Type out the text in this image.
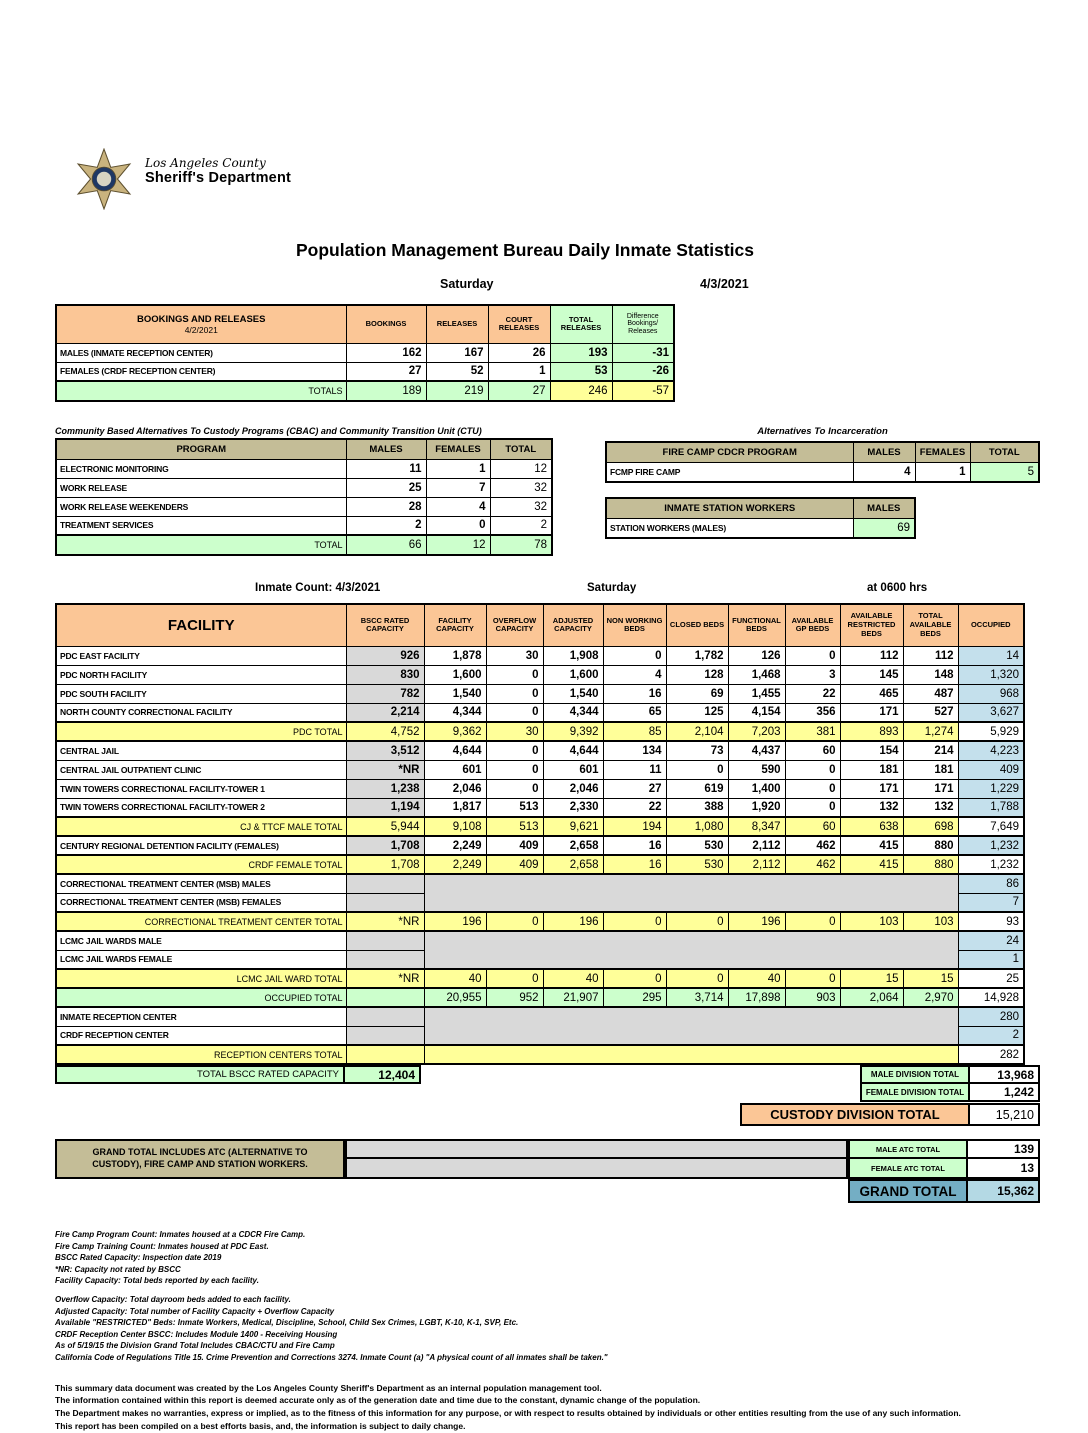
Los Angeles County
Sheriff's Department
Population Management Bureau Daily Inmate Statistics
Saturday	4/3/2021
BOOKINGS AND RELEASES
4/2/2021	BOOKINGS	RELEASES	COURT RELEASES	TOTAL RELEASES	Difference Bookings/ Releases
MALES (INMATE RECEPTION CENTER)	162	167	26	193	-31
FEMALES (CRDF RECEPTION CENTER)	27	52	1	53	-26
TOTALS	189	219	27	246	-57
Community Based Alternatives To Custody Programs (CBAC) and Community Transition Unit (CTU)
PROGRAM	MALES	FEMALES	TOTAL
ELECTRONIC MONITORING	11	1	12
WORK RELEASE	25	7	32
WORK RELEASE WEEKENDERS	28	4	32
TREATMENT SERVICES	2	0	2
TOTAL	66	12	78
Alternatives To Incarceration
FIRE CAMP CDCR PROGRAM	MALES	FEMALES	TOTAL
FCMP FIRE CAMP	4	1	5
INMATE STATION WORKERS	MALES
STATION WORKERS (MALES)	69
Inmate Count: 4/3/2021	Saturday	at 0600 hrs
FACILITY	BSCC RATED CAPACITY	FACILITY CAPACITY	OVERFLOW CAPACITY	ADJUSTED CAPACITY	NON WORKING BEDS	CLOSED BEDS	FUNCTIONAL BEDS	AVAILABLE GP BEDS	AVAILABLE RESTRICTED BEDS	TOTAL AVAILABLE BEDS	OCCUPIED
PDC EAST FACILITY	926	1,878	30	1,908	0	1,782	126	0	112	112	14
PDC NORTH FACILITY	830	1,600	0	1,600	4	128	1,468	3	145	148	1,320
PDC SOUTH FACILITY	782	1,540	0	1,540	16	69	1,455	22	465	487	968
NORTH COUNTY CORRECTIONAL FACILITY	2,214	4,344	0	4,344	65	125	4,154	356	171	527	3,627
PDC TOTAL	4,752	9,362	30	9,392	85	2,104	7,203	381	893	1,274	5,929
CENTRAL JAIL	3,512	4,644	0	4,644	134	73	4,437	60	154	214	4,223
CENTRAL JAIL OUTPATIENT CLINIC	*NR	601	0	601	11	0	590	0	181	181	409
TWIN TOWERS CORRECTIONAL FACILITY-TOWER 1	1,238	2,046	0	2,046	27	619	1,400	0	171	171	1,229
TWIN TOWERS CORRECTIONAL FACILITY-TOWER 2	1,194	1,817	513	2,330	22	388	1,920	0	132	132	1,788
CJ & TTCF MALE TOTAL	5,944	9,108	513	9,621	194	1,080	8,347	60	638	698	7,649
CENTURY REGIONAL DETENTION FACILITY (FEMALES)	1,708	2,249	409	2,658	16	530	2,112	462	415	880	1,232
CRDF FEMALE TOTAL	1,708	2,249	409	2,658	16	530	2,112	462	415	880	1,232
CORRECTIONAL TREATMENT CENTER (MSB) MALES											86
CORRECTIONAL TREATMENT CENTER (MSB) FEMALES											7
CORRECTIONAL TREATMENT CENTER TOTAL	*NR	196	0	196	0	0	196	0	103	103	93
LCMC JAIL WARDS MALE											24
LCMC JAIL WARDS FEMALE											1
LCMC JAIL WARD TOTAL	*NR	40	0	40	0	0	40	0	15	15	25
OCCUPIED TOTAL		20,955	952	21,907	295	3,714	17,898	903	2,064	2,970	14,928
INMATE RECEPTION CENTER											280
CRDF RECEPTION CENTER											2
RECEPTION CENTERS TOTAL											282
TOTAL BSCC RATED CAPACITY	12,404	MALE DIVISION TOTAL	13,968
FEMALE DIVISION TOTAL	1,242
CUSTODY DIVISION TOTAL	15,210
GRAND TOTAL INCLUDES ATC (ALTERNATIVE TO
CUSTODY), FIRE CAMP AND STATION WORKERS.
MALE ATC TOTAL	139
FEMALE ATC TOTAL	13
GRAND TOTAL	15,362
Fire Camp Program Count: Inmates housed at a CDCR Fire Camp.
Fire Camp Training Count: Inmates housed at PDC East.
BSCC Rated Capacity: Inspection date 2019
*NR: Capacity not rated by BSCC
Facility Capacity: Total beds reported by each facility.
Overflow Capacity: Total dayroom beds added to each facility.
Adjusted Capacity: Total number of Facility Capacity + Overflow Capacity
Available "RESTRICTED" Beds: Inmate Workers, Medical, Discipline, School, Child Sex Crimes, LGBT, K-10, K-1, SVP, Etc.
CRDF Reception Center BSCC: Includes Module 1400 - Receiving Housing
As of 5/19/15 the Division Grand Total Includes CBAC/CTU and Fire Camp
California Code of Regulations Title 15. Crime Prevention and Corrections 3274. Inmate Count (a) "A physical count of all inmates shall be taken."
This summary data document was created by the Los Angeles County Sheriff's Department as an internal population management tool.
The information contained within this report is deemed accurate only as of the generation date and time due to the constant, dynamic change of the population.
The Department makes no warranties, express or implied, as to the fitness of this information for any purpose, or with respect to results obtained by individuals or other entities resulting from the use of any such information.
This report has been compiled on a best efforts basis, and, the information is subject to daily change.
